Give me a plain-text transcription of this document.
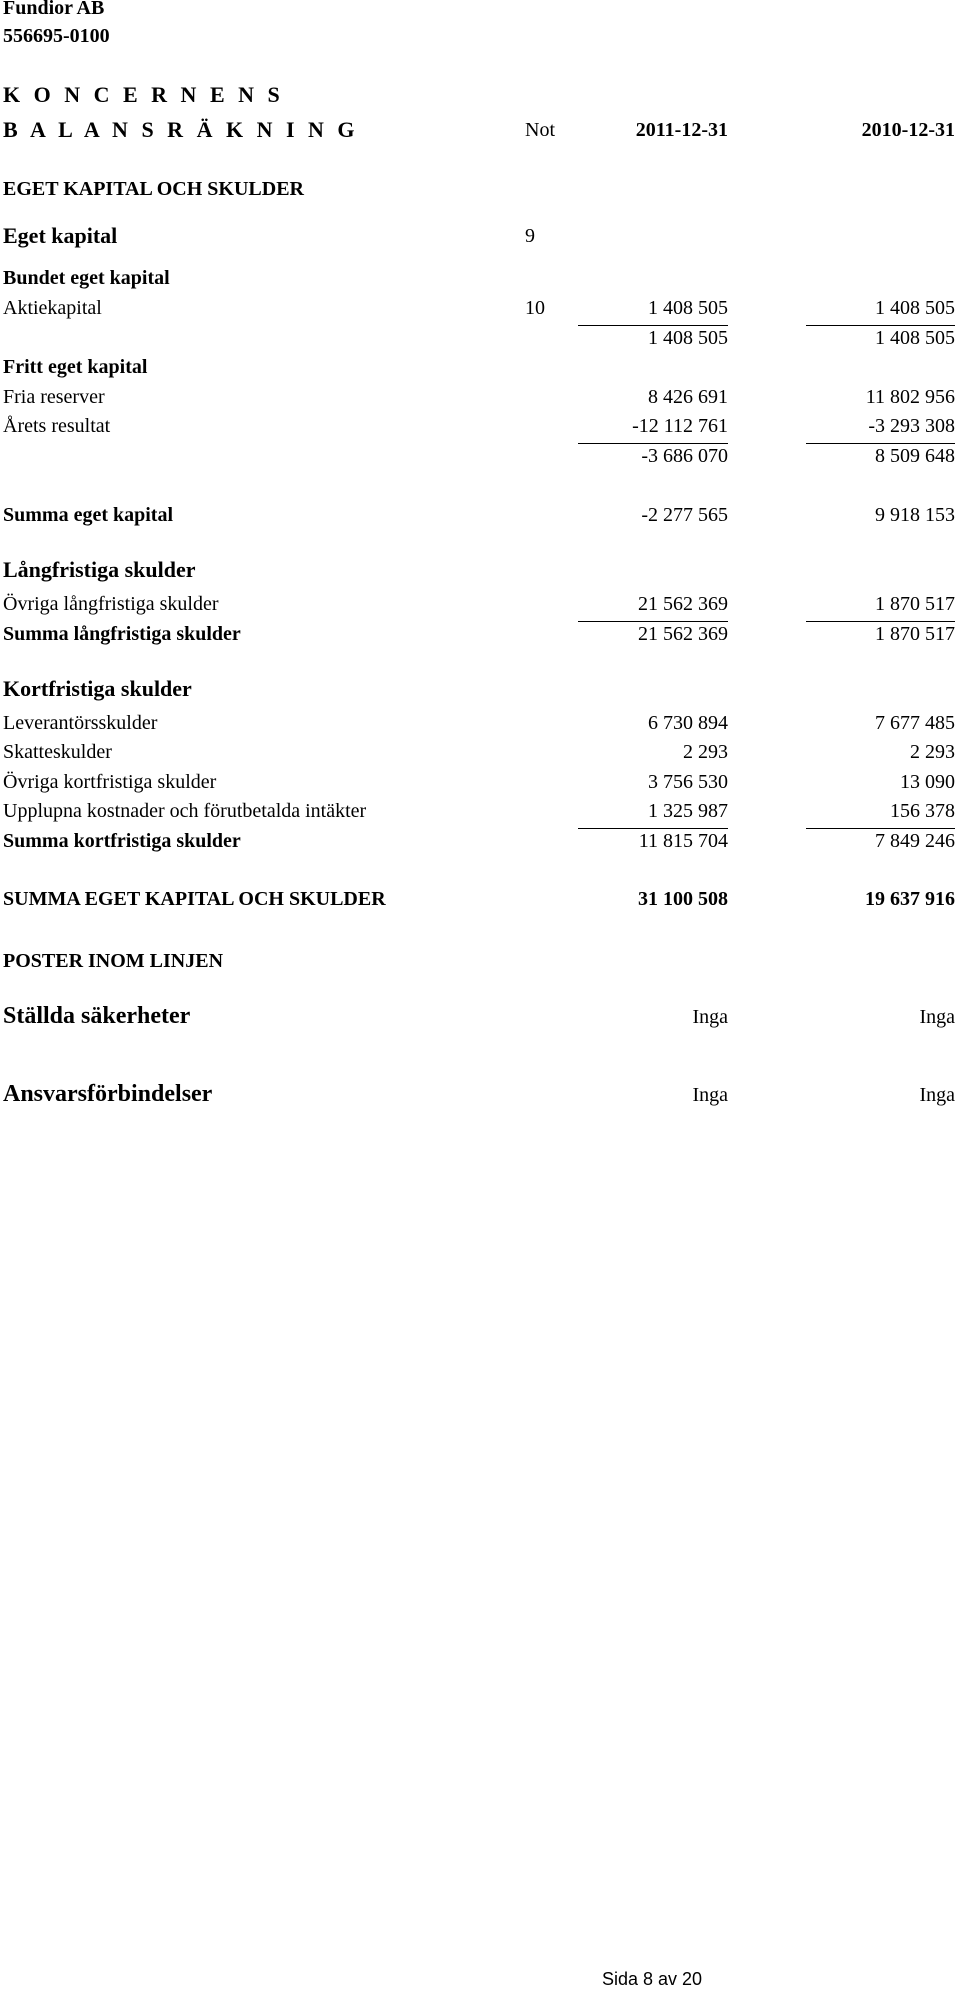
Fundior AB
556695-0100
K O N C E R N E N S
B A L A N S R Ä K N I N G	Not	2011-12-31	2010-12-31
EGET KAPITAL OCH SKULDER
Eget kapital	9
Bundet eget kapital
Aktiekapital	10	1 408 505	1 408 505
1 408 505	1 408 505
Fritt eget kapital
Fria reserver	8 426 691	11 802 956
Årets resultat	-12 112 761	-3 293 308
-3 686 070	8 509 648
Summa eget kapital	-2 277 565	9 918 153
Långfristiga skulder
Övriga långfristiga skulder	21 562 369	1 870 517
Summa långfristiga skulder	21 562 369	1 870 517
Kortfristiga skulder
Leverantörsskulder	6 730 894	7 677 485
Skatteskulder	2 293	2 293
Övriga kortfristiga skulder	3 756 530	13 090
Upplupna kostnader och förutbetalda intäkter	1 325 987	156 378
Summa kortfristiga skulder	11 815 704	7 849 246
SUMMA EGET KAPITAL OCH SKULDER	31 100 508	19 637 916
POSTER INOM LINJEN
Ställda säkerheter	Inga	Inga
Ansvarsförbindelser	Inga	Inga
Sida 8 av 20
